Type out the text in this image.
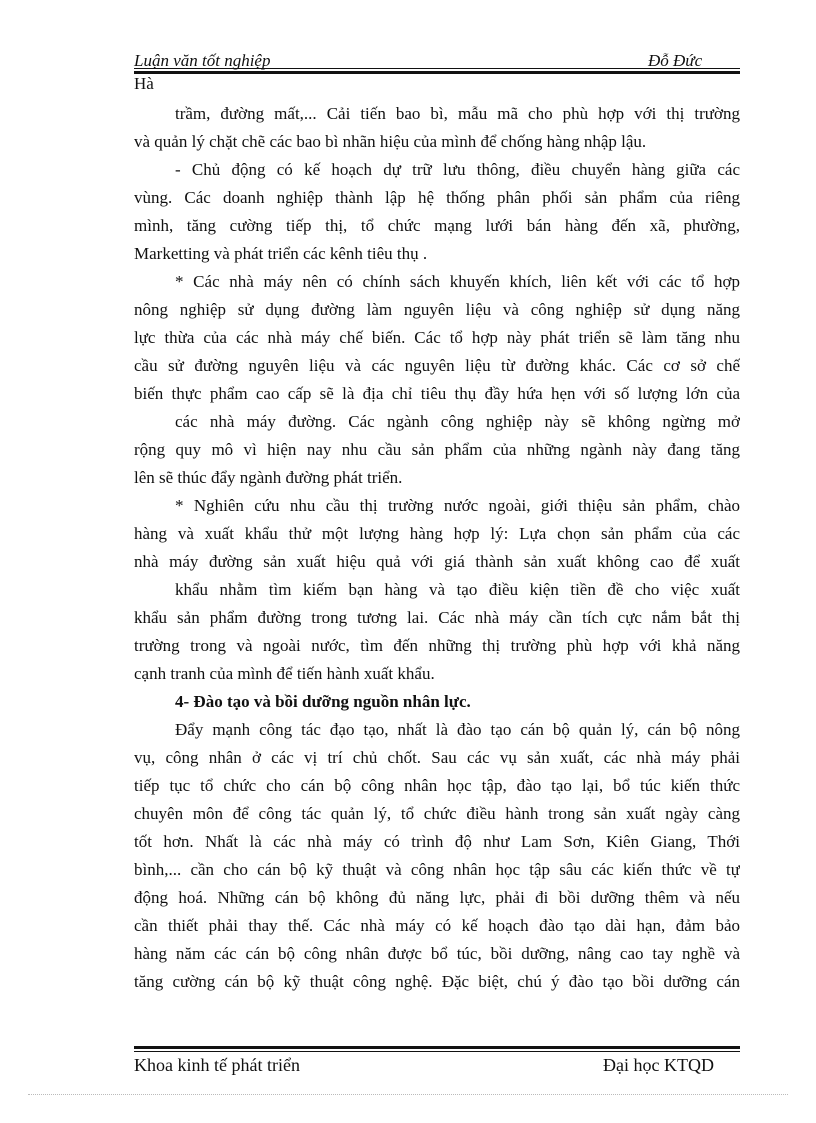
Luận văn tốt nghiệp	Đỗ Đức
Hà
trầm, đường mất,... Cải tiến bao bì, mẫu mã cho phù hợp với thị trường
và quản lý chặt chẽ các bao bì nhãn hiệu của mình để chống hàng nhập lậu.
- Chủ động có kế hoạch dự trữ lưu thông, điều chuyển hàng giữa các
vùng. Các doanh nghiệp thành lập hệ thống phân phối sản phẩm của riêng
mình, tăng cường tiếp thị, tổ chức mạng lưới bán hàng đến xã, phường,
Marketting và phát triển các kênh tiêu thụ .
* Các nhà máy nên có chính sách khuyến khích, liên kết với các tổ hợp
nông nghiệp sử dụng đường làm nguyên liệu và công nghiệp sử dụng năng
lực thừa của các nhà máy chế biến. Các tổ hợp này phát triển sẽ làm tăng nhu
cầu sử đường nguyên liệu và các nguyên liệu từ đường khác. Các cơ sở chế
biến thực phẩm cao cấp sẽ là địa chỉ tiêu thụ đầy hứa hẹn với số lượng lớn của
các nhà máy đường. Các ngành công nghiệp này sẽ không ngừng mở
rộng quy mô vì hiện nay nhu cầu sản phẩm của những ngành này đang tăng
lên sẽ thúc đẩy ngành đường phát triển.
* Nghiên cứu nhu cầu thị trường nước ngoài, giới thiệu sản phẩm, chào
hàng và xuất khẩu thử một lượng hàng hợp lý: Lựa chọn sản phẩm của các
nhà máy đường sản xuất hiệu quả với giá thành sản xuất không cao để xuất
khẩu nhằm tìm kiếm bạn hàng và tạo điều kiện tiền đề cho việc xuất
khẩu sản phẩm đường trong tương lai. Các nhà máy cần tích cực nắm bắt thị
trường trong và ngoài nước, tìm đến những thị trường phù hợp với khả năng
cạnh tranh của mình để tiến hành xuất khẩu.
4- Đào tạo và bồi dưỡng nguồn nhân lực.
Đẩy mạnh công tác đạo tạo, nhất là đào tạo cán bộ quản lý, cán bộ nông
vụ, công nhân ở các vị trí chủ chốt. Sau các vụ sản xuất, các nhà máy phải
tiếp tục tổ chức cho cán bộ công nhân học tập, đào tạo lại, bổ túc kiến thức
chuyên môn để công tác quản lý, tổ chức điều hành trong sản xuất ngày càng
tốt hơn. Nhất là các nhà máy có trình độ như Lam Sơn, Kiên Giang, Thới
bình,... cần cho cán bộ kỹ thuật và công nhân học tập sâu các kiến thức về tự
động hoá. Những cán bộ không đủ năng lực, phải đi bồi dưỡng thêm và nếu
cần thiết phải thay thế. Các nhà máy có kế hoạch đào tạo dài hạn, đảm bảo
hàng năm các cán bộ công nhân được bổ túc, bồi dưỡng, nâng cao tay nghề và
tăng cường cán bộ kỹ thuật công nghệ. Đặc biệt, chú ý đào tạo bồi dưỡng cán
Khoa kinh tế phát triển	Đại học KTQD
